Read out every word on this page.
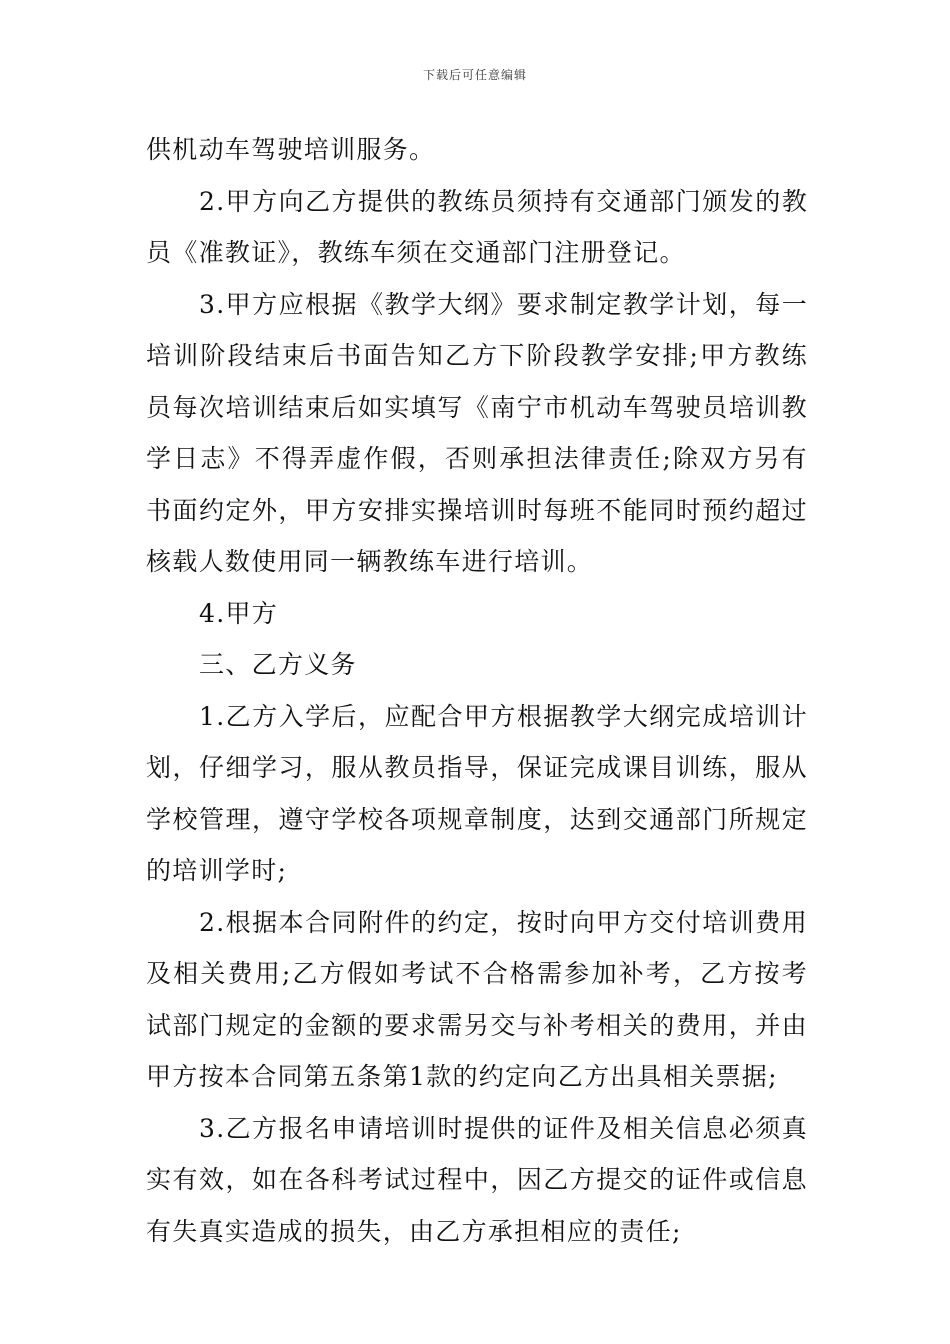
下载后可任意编辑

供机动车驾驶培训服务。

2.甲方向乙方提供的教练员须持有交通部门颁发的教员《准教证》，教练车须在交通部门注册登记。

3.甲方应根据《教学大纲》要求制定教学计划，每一培训阶段结束后书面告知乙方下阶段教学安排;甲方教练员每次培训结束后如实填写《南宁市机动车驾驶员培训教学日志》不得弄虚作假，否则承担法律责任;除双方另有书面约定外，甲方安排实操培训时每班不能同时预约超过核载人数使用同一辆教练车进行培训。

4.甲方

三、乙方义务

1.乙方入学后，应配合甲方根据教学大纲完成培训计划，仔细学习，服从教员指导，保证完成课目训练，服从学校管理，遵守学校各项规章制度，达到交通部门所规定的培训学时;

2.根据本合同附件的约定，按时向甲方交付培训费用及相关费用;乙方假如考试不合格需参加补考，乙方按考试部门规定的金额的要求需另交与补考相关的费用，并由甲方按本合同第五条第1款的约定向乙方出具相关票据;

3.乙方报名申请培训时提供的证件及相关信息必须真实有效，如在各科考试过程中，因乙方提交的证件或信息有失真实造成的损失，由乙方承担相应的责任;
